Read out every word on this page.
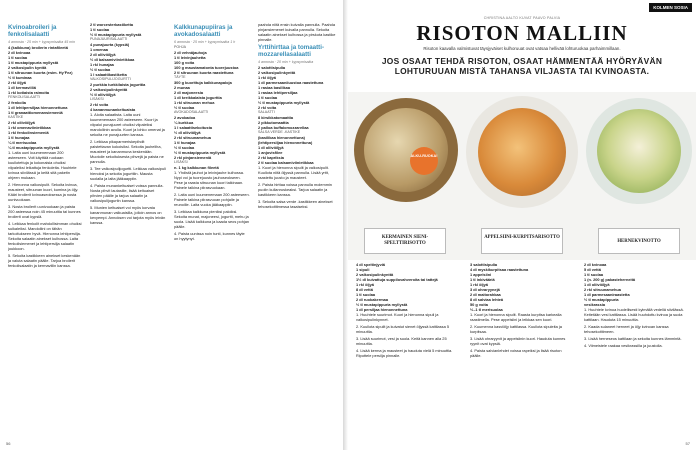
Kvinoabroileri ja fenkolisalaatti

4 annosta · 25 min + kypsymisaika 45 min

4 (kalkkuna) broilerin rintafileetä

2 dl kvinoaa

1 tl suolaa

1 tl mustapippuria myllystä

2 valkosipulin kynttä

1 tl sitruunan kuorta (esim. Hy'Fez)

½ tl kuminaa

2 rkl öljyä

1 dl kermaviiliä

1 rkl kotiaista raimoita

FENKOLISALAATTI

2 fenkolia

1 dl lehtipersiljaa hienonnettuna

1 tl granaattiomenansiemeniä

KASTIKE

2 rkl oliiviöljyä

1 rkl omenaviinietikkaa

1 rkl fenkolinsiemeniä

1 tl hunajaa

¼ tl merisuolaa

¼ tl mustapippuria myllystä

1. Laita uuni kuumenemaan 200 asteeseen. Voit käyttää ruokaan kuullotettuja ja kokonaisia ohuiksi viipaleiksi leikattuja fenkoleita. Huuhtele kvinoa siivilässä ja keitä sitä paketin ohjeen mukaan.

2. Hienonna valkosipulit. Sekoita kvinoa, mausteet, sitruunan kuori, kumina ja öljy. Kääri broilerit kvinoaseoksessa ja nosta uunivuokaan.

3. Nosta broilerit uunivuokaan ja paista 200 asteessa noin 45 minuuttia tai kunnes broilerit ovat kypsiä.

4. Leikkaa fenkolit mahdollisimman ohuiksi suikaleiksi. Mandoliini on tähän tarkoitukseen hyvä. Hienonna lehtipersilja. Sekoita salaatin ainekset kulhossa. Laita fenkolisiemenet ja lehtipersilja salaatin joukkoon.

5. Sekoita kastikkeen ainekset keskenään ja valuta salaatin päälle. Tarjoa broilerit fenkolisalaatin ja kermaviilin kanssa.

2 tl worcesterkastiketta

1 tl suolaa

½ tl mustapippuria myllystä

PUNAJUURISALAATTI

4 punajuurta (kypsiä)

1 omenaa

2 dl oliiviöljyä

½ dl balsamiviinietikkaa

1 rkl hunajaa

½ tl suolaa

1 l salaattikastiketta

VALKOSIPULIJOGURTTI

2 purkkia turkkilaista jogurttia

2 valkosipulinkynttä

½ tl oliiviöljyä

LISÄKSI

2 rkl voita

4 kananmunankeltuaista

1. Aloita salaatista. Laita uuni kuumenemaan 200 asteeseen. Kuori ja viipaloi punajuuret ohuiksi viipaleiksi mandoliinin avulla. Kuori ja lohko omenat ja sekoita ne punajuurten kanssa.

2. Leikkaa pikaparmeriskepihdit paistettavan kokoisiksi. Sekoita jauheliha, mausteet ja kananmuna keskenään. Muotoile sekoituksesta pihvejä ja paista ne pannulla.

3. Tee valkosipulijogurtti. Leikkaa valkosipuli hienoksi ja sekoita jogurttiin. Mausta suolalla ja laita jääkaappiin.

4. Paista munankeltuaiset voissa pannulla. Nosta pihvit lautasille, lisää keltuaiset pihvien päälle ja tarjoa salaatin ja valkosipulijogurtin kanssa.

5. Munien keltuaiset voi myös korvata kananmunan valkuaisilla, jolloin annos on kevyempi. Annoksen voi tarjota myös leivän kanssa.

Kalkkunapupiiras ja avokadosalaatti

6 annosta · 25 min + kypsymisaika 1 h

POHJA

2 dl vehnäjauhoja

1 tl leivinjauhetta

100 g voita

100 g maustamatonta tuorejuustoa

2 tl sitruunan kuorta raastettuna

TÄYTE

300 g kuorittuja kalkkunapaloja

2 munaa

2 dl majoneesia

1 dl kreikkalaista jogurttia

1 rkl sitruunan mehua

½ tl suolaa

AVOKADOSALAATTI

2 avokadoa

¼ kurkkua

1 l salaattisekoitusta

½ dl oliiviöljyä

2 rkl sitruunamehua

1 tl hunajaa

½ tl suolaa

½ tl mustapippuria myllystä

2 rkl pinjansiemeniä

LISÄKSI

n. 1 kg kalkkunan fileetä

1. Yhdistä jauhot ja leivinjauhe kulhossa. Nypi voi ja tuorejuusto jauhoseokseen. Pese ja raasta sitruunan kuori taikinaan. Painele taikina piirasvuokaan.

2. Laita uuni kuumenemaan 200 asteeseen. Painele taikina piirasvuoan pohjalle ja reunoille. Laita vuoka jääkaappiin.

3. Leikkaa kalkkuna pieniksi paloiksi. Sekoita munat, majoneesi, jogurtti, mehu ja suola. Lisää kalkkuna ja kaada seos pohjan päälle.

4. Paista uunissa noin tunti, kunnes täyte on hyytynyt.

paahda niitä ensin kuivalla pannulla. Paahda pinjansiemenet kuivalla pannulla. Sekoita salaatin ainekset kulhossa ja pirskota kastike pinnalle.

Yrttihirttaa ja tomaatti-mozzarellasalaatti

4 annosta · 20 min + kypsymisaika

2 salottisipulia

2 valkosipulinkynttä

1 rkl öljyä

1 dl parmesaaniiuustoa raastettuna

1 rasiaa basilikaa

1 rasiaa lehtipersiljaa

1 tl suolaa

½ tl mustapippuria myllystä

2 rkl voita

SALAATTI

8 kirsikkatomaattia

2 pikkutomaattia

2 palloa buffalomozzarellaa

SALSA VERDE -KASTIKE

(basilikaa hienonnettuna)

(lehtipersiljaa hienonnettuna)

1 dl oliiviöljyä

1 anjovisfilee

2 rkl kapriksia

2 tl suolaa balsamiviinietikkaa

1. Kuori ja hienonna sipulit ja valkosipulit. Kuullota niitä öljyssä pannulla. Lisää yrtit, raastettu juusto ja mausteet.

2. Paista hirttaa voissa pannulla molemmin puolin kullanruskeaksi. Tarjoa salaatin ja kastikkeen kanssa.

3. Sekoita salsa verde -kastikkeen ainekset tehosekoittimessa tasaiseksi.

56
KOLMEN SOSIA
CHRISTINA AALTO KUVAT PAAVO PALVIA
RISOTON MALLIIN
Risoton kaavalla valmistuvat täysjyväiset kulhoruuat ovat vatsaa hellivää lohturuokaa parhaimmillaan.
JOS OSAAT TEHDÄ RISOTON, OSAAT HÄMMENTÄÄ HYÖRYÄVÄN LOHTURUUAN MISTÄ TAHANSA VILJASTA TAI KVINOASTA.
KERMAINEN SIENI-SPELTTIRISOTTO
APPELSIINI-KURPITSARISOTTO
HERNEKVINOTTO
ALKU-RUOKA!

4 dl speltinjyviä

1 sipuli

2 valkosipulinkynttä

1½ dl kuivattuja suppilovahveroita tai tattejä

1 rkl öljyä

8 dl vettä

1 tl suolaa

2 dl ruokakermaa

½ tl mustapippuria myllystä

1 dl persiljaa hienonnettuna

1. Huuhtele suurimot. Kuori ja hienonna sipuli ja valkosipulinkynnet.

2. Kuullota sipulit ja kuivatut sienet öljyssä kattilassa 5 minuuttia.

3. Lisää suurimot, vesi ja suola. Keitä kannen alla 25 minuuttia.

4. Lisää kerma ja mausteet ja hauduta vielä 5 minuuttia. Ripottele persilja pinnalle.

3 salottisipulia

4 dl myskikurpitsaa raastettuna

1 appelsiini

1 tl inkivääriä

1 rkl öljyä

3 dl ohraryynejä

2 dl maitorahkaa

8 dl salviaa lehteä

50 g voita

½–1 tl merisuolaa

1. Kuori ja hienonna sipulit. Raasta kurpitsa karkealla raastimella. Pese appelsiini ja leikkaa sen kuori.

2. Kuumenna kasviöljy kattilassa. Kuullota sipuleita ja kurpitsaa.

3. Lisää ohraryynit ja appelsiinin kuori. Hauduta kunnes ryynit ovat kypsiä.

4. Paista salvianlehdet voissa rapeiksi ja lisää risoton päälle.

2 dl kvinoaa

5 dl vettä

1 tl suolaa

1 (n. 200 g) pakasteherneitä

1 dl oliiviöljyä

2 rkl sitruunamehua

1 dl parmesaaniraastetta

½ tl mustapippuria

vesikrassia

1. Huuhtele kvinoa huolellisesti kylmällä vedellä siivilässä. Keitetään vesi kattilassa. Lisää huuhdottu kvinoa ja suola kattilaan. Hauduta 15 minuuttia.

2. Kaada sulaneet herneet ja öljy kvinoan kanssa tehosekoittimeen.

3. Lisää herneseos kattilaan ja sekoita kunnes lämmintä.

4. Viimeistele raakaa vesikrassilla ja juustolla.

57
